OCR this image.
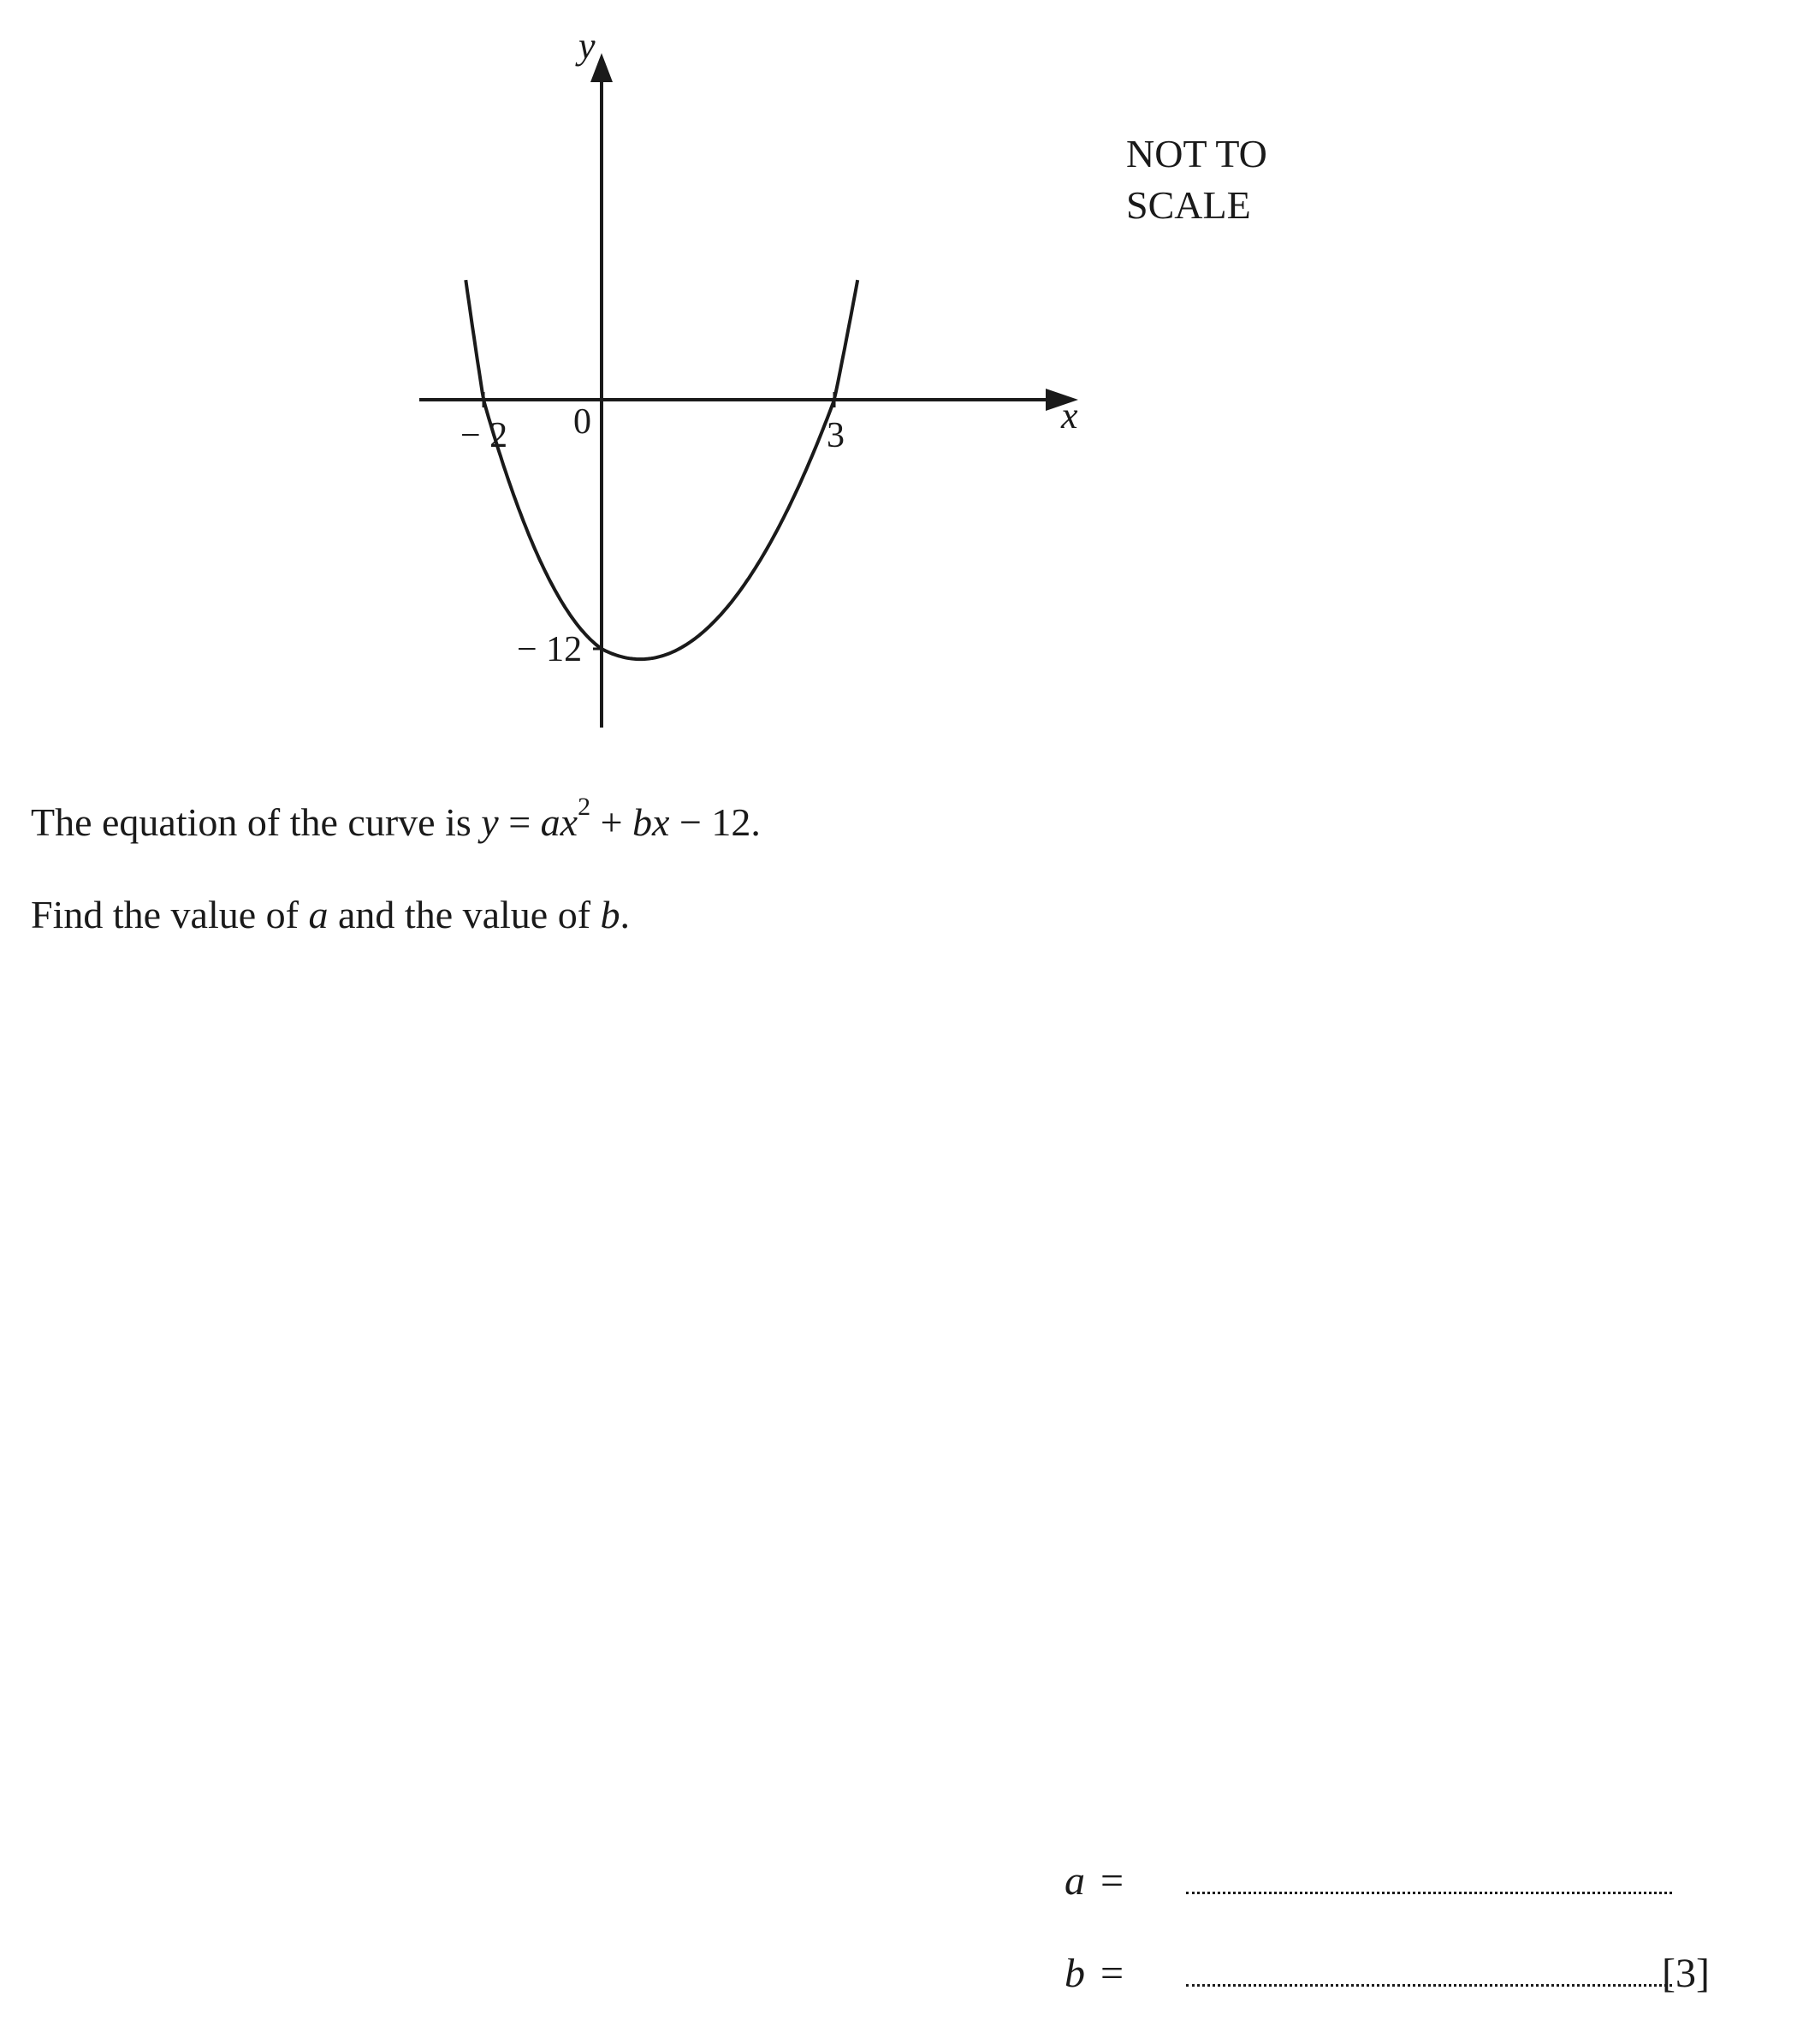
y
x
0
− 2	3
− 12
NOT TO
SCALE
The equation of the curve is $y = ax^2$ + bx − 12.
Find the value of a and the value of b.
a =
b =	[3]
